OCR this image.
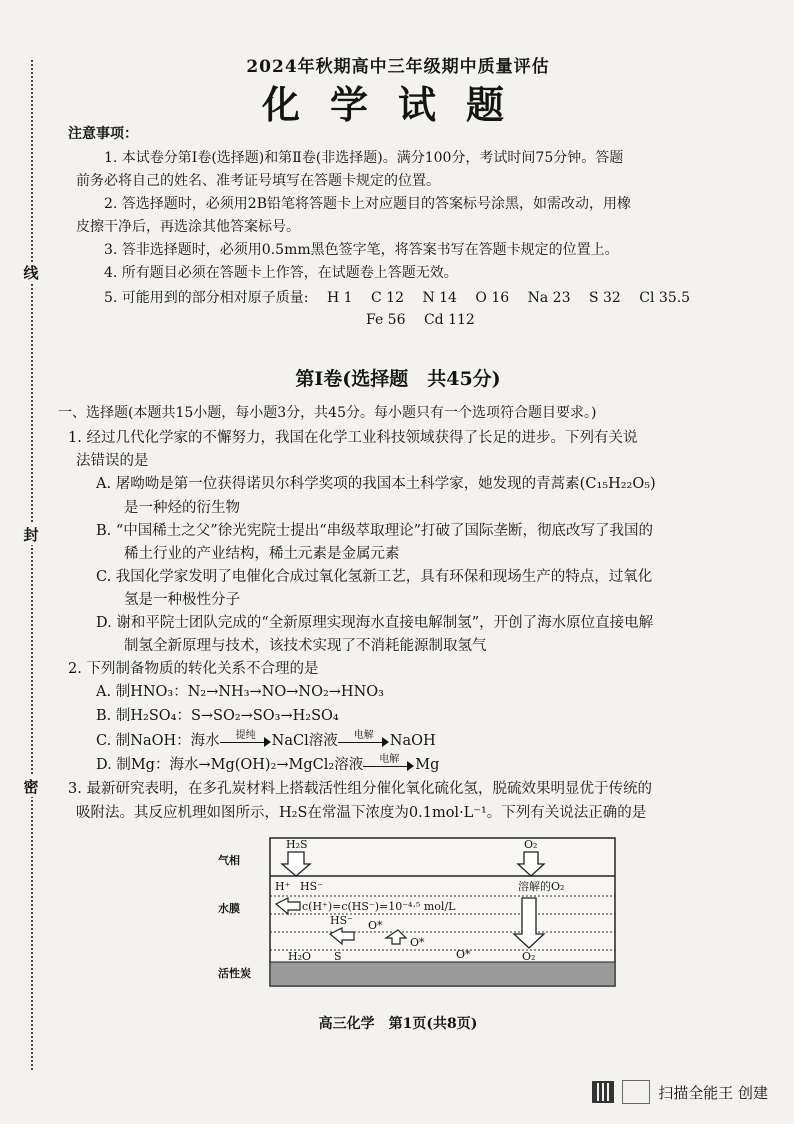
线
封
密
2024年秋期高中三年级期中质量评估
化学试题
注意事项：
1. 本试卷分第Ⅰ卷(选择题)和第Ⅱ卷(非选择题)。满分100分，考试时间75分钟。答题
前务必将自己的姓名、准考证号填写在答题卡规定的位置。
2. 答选择题时，必须用2B铅笔将答题卡上对应题目的答案标号涂黑，如需改动，用橡
皮擦干净后，再选涂其他答案标号。
3. 答非选择题时，必须用0.5mm黑色签字笔，将答案书写在答题卡规定的位置上。
4. 所有题目必须在答题卡上作答，在试题卷上答题无效。
5. 可能用到的部分相对原子质量: H 1 C 12 N 14 O 16 Na 23 S 32 Cl 35.5
Fe 56 Cd 112
第Ⅰ卷(选择题　共45分)
一、选择题(本题共15小题，每小题3分，共45分。每小题只有一个选项符合题目要求。)
1. 经过几代化学家的不懈努力，我国在化学工业科技领域获得了长足的进步。下列有关说
法错误的是
A. 屠呦呦是第一位获得诺贝尔科学奖项的我国本土科学家，她发现的青蒿素(C₁₅H₂₂O₅)
是一种烃的衍生物
B. “中国稀土之父”徐光宪院士提出“串级萃取理论”打破了国际垄断，彻底改写了我国的
稀土行业的产业结构，稀土元素是金属元素
C. 我国化学家发明了电催化合成过氧化氢新工艺，具有环保和现场生产的特点，过氧化
氢是一种极性分子
D. 谢和平院士团队完成的“全新原理实现海水直接电解制氢”，开创了海水原位直接电解
制氢全新原理与技术，该技术实现了不消耗能源制取氢气
2. 下列制备物质的转化关系不合理的是
A. 制HNO₃：N₂→NH₃→NO→NO₂→HNO₃
B. 制H₂SO₄：S→SO₂→SO₃→H₂SO₄
C. 制NaOH：海水	提纯	NaCl溶液	电解	NaOH
D. 制Mg：海水→Mg(OH)₂→MgCl₂溶液	电解	Mg
3. 最新研究表明，在多孔炭材料上搭载活性组分催化氧化硫化氢，脱硫效果明显优于传统的
吸附法。其反应机理如图所示，H₂S在常温下浓度为0.1mol·L⁻¹。下列有关说法正确的是
气相
水膜
活性炭
H₂S	O₂
H⁺ HS⁻	溶解的O₂
c(H⁺)=c(HS⁻)=10⁻⁴·⁵ mol/L
HS⁻ O*
O*
H₂O S	O*	O₂
高三化学　第1页(共8页)
扫描全能王 创建
